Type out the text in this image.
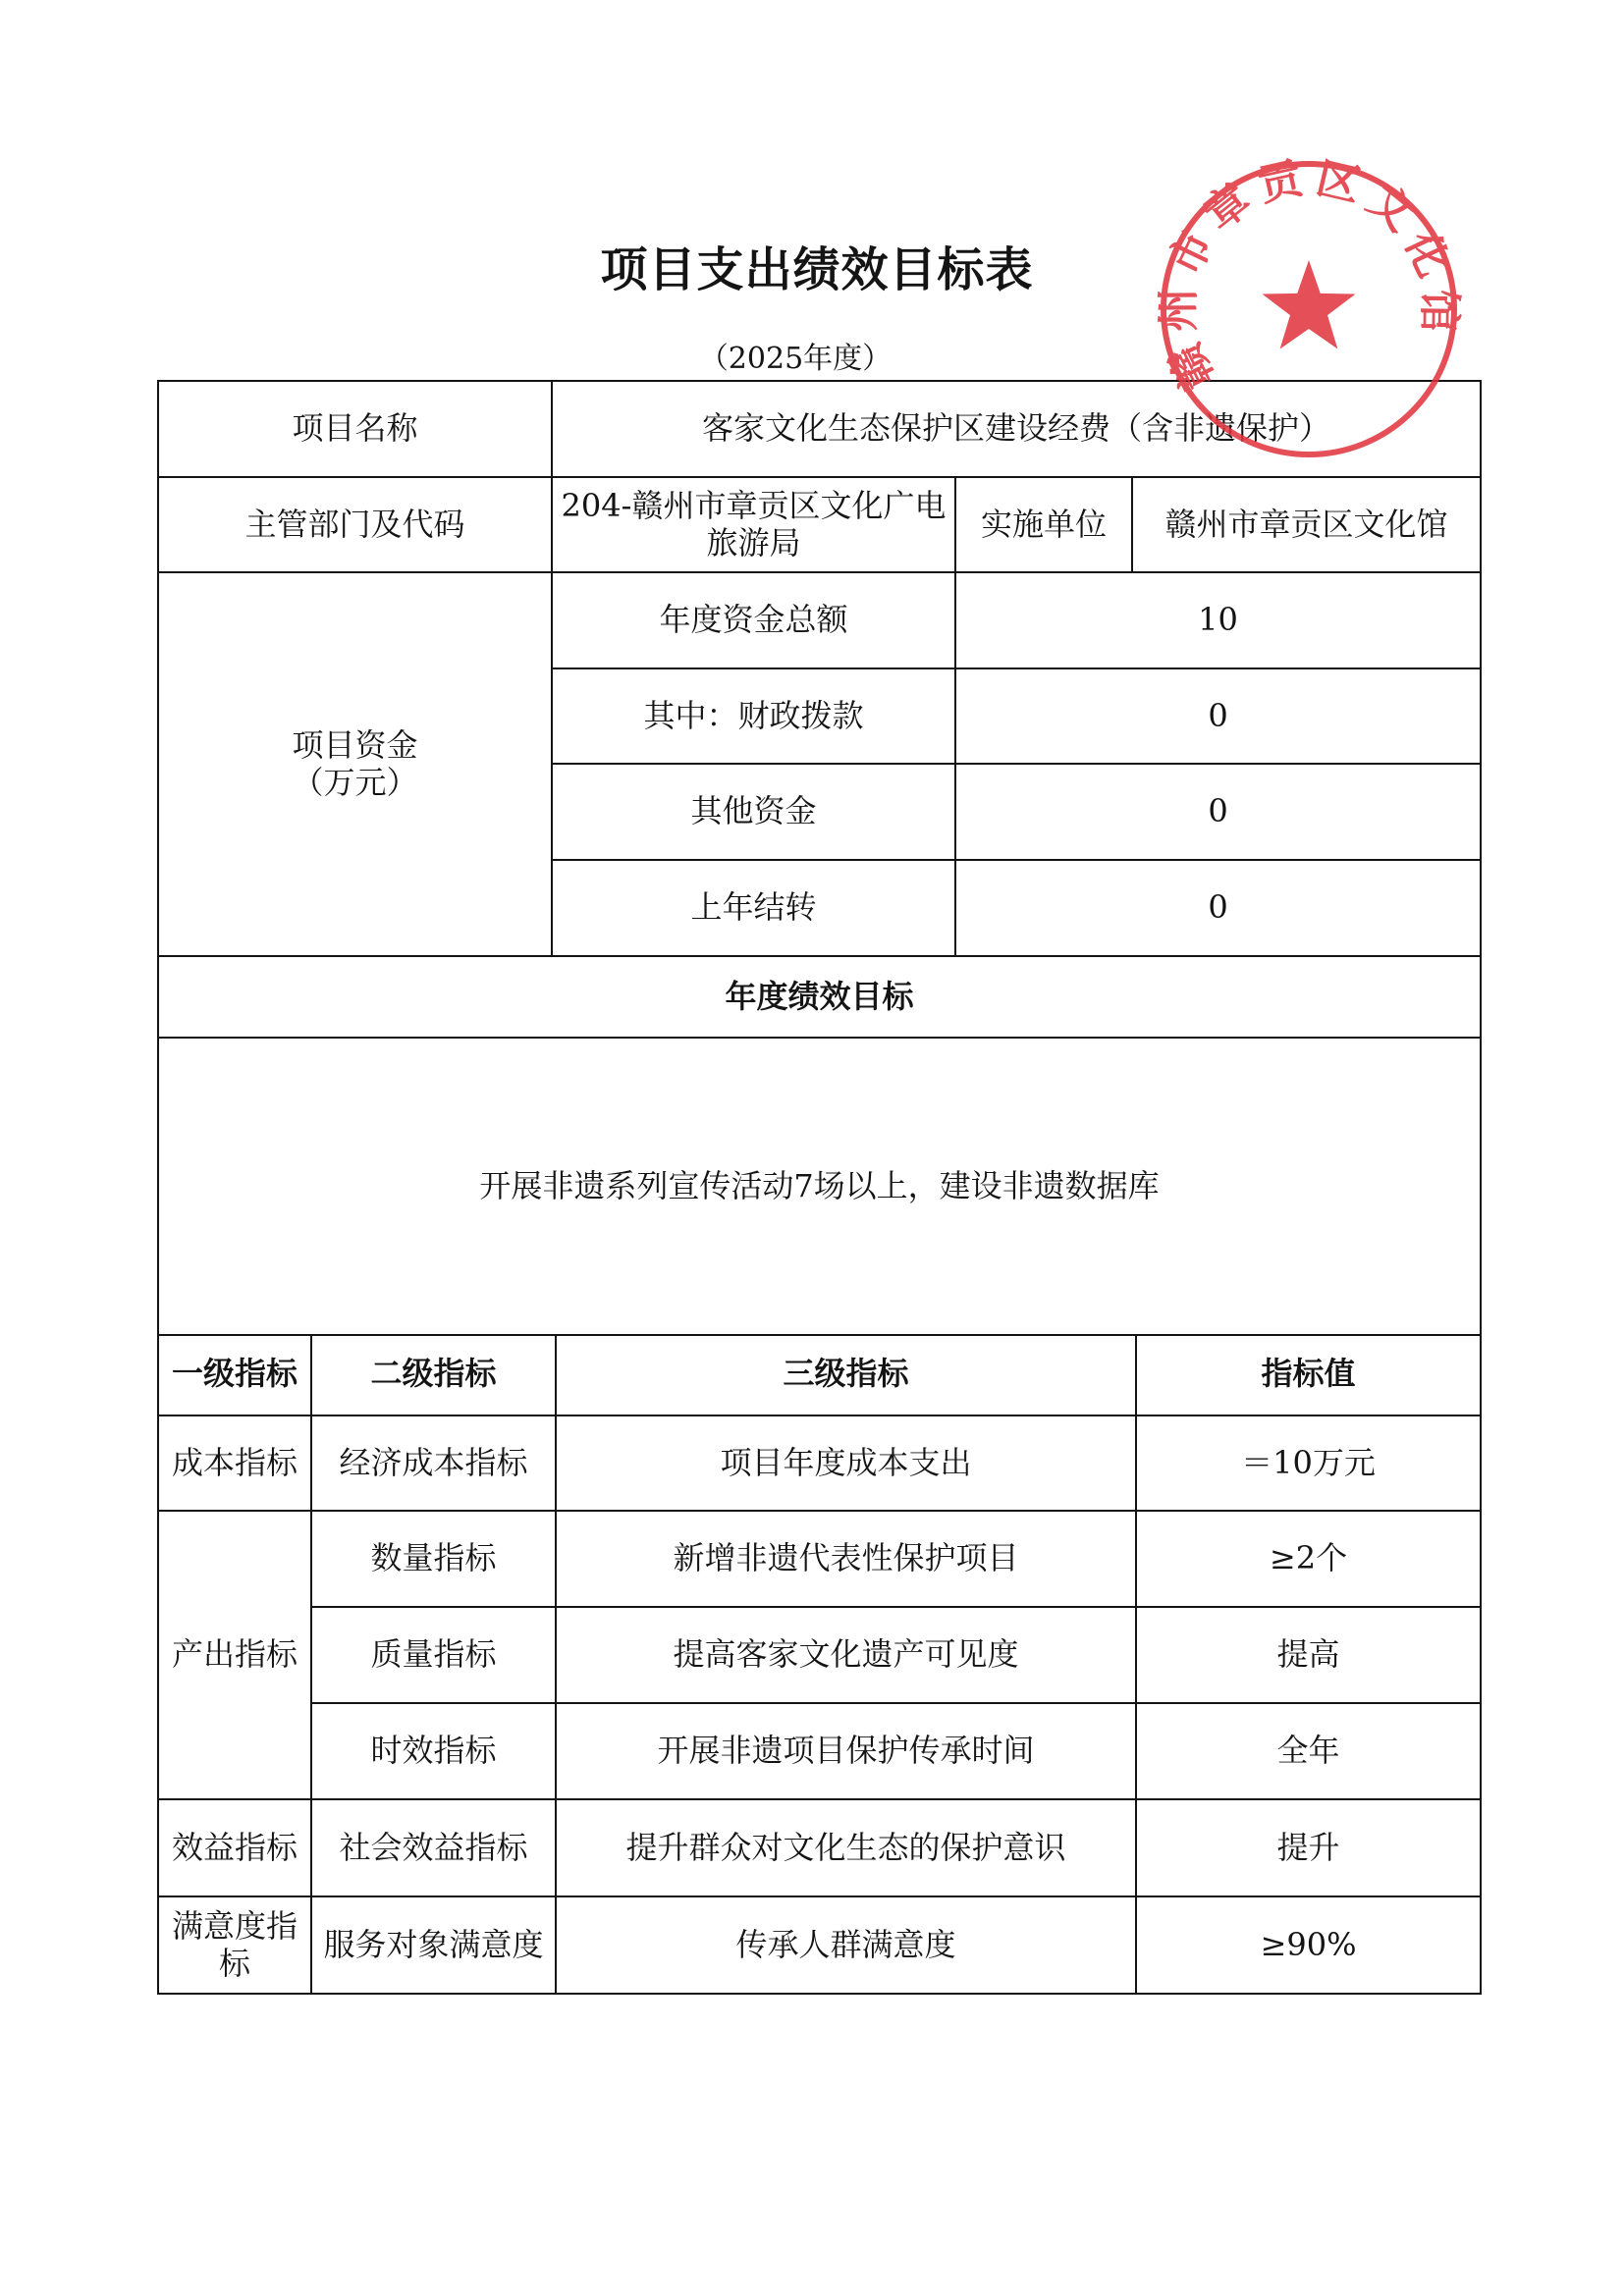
项目支出绩效目标表
（2025年度）
项目名称	客家文化生态保护区建设经费（含非遗保护）		
主管部门及代码	204-赣州市章贡区文化广电旅游局	实施单位	赣州市章贡区文化馆

项目资金
（万元）	年度资金总额	10	
	其中：财政拨款	0	
	其他资金	0	
	上年结转	0	
年度绩效目标			
开展非遗系列宣传活动7场以上，建设非遗数据库			
一级指标	二级指标	三级指标	指标值
成本指标	经济成本指标	项目年度成本支出	＝10万元
产出指标	数量指标	新增非遗代表性保护项目	≥2个
	质量指标	提高客家文化遗产可见度	提高
	时效指标	开展非遗项目保护传承时间	全年
效益指标	社会效益指标	提升群众对文化生态的保护意识	提升
满意度指标	服务对象满意度	传承人群满意度	≥90%
赣州市章贡区文化馆
